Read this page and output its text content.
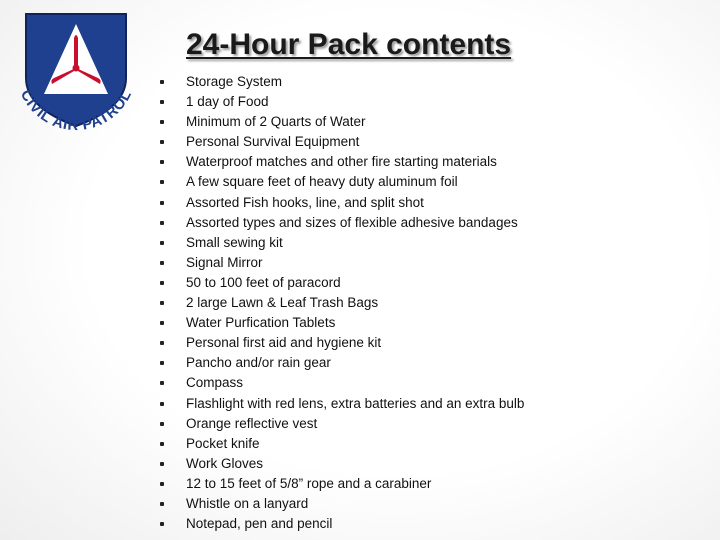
CIVIL AIR PATROL
24-Hour Pack contents
Storage System
1 day of Food
Minimum of 2 Quarts of Water
Personal Survival Equipment
Waterproof matches and other fire starting materials
A few square feet of heavy duty aluminum foil
Assorted Fish hooks, line, and split shot
Assorted types and sizes of flexible adhesive bandages
Small sewing kit
Signal Mirror
50 to 100 feet of paracord
2 large Lawn & Leaf Trash Bags
Water Purfication Tablets
Personal first aid and hygiene kit
Pancho and/or rain gear
Compass
Flashlight with red lens, extra batteries and an extra bulb
Orange reflective vest
Pocket knife
Work Gloves
12 to 15 feet of 5/8” rope and a carabiner
Whistle on a lanyard
Notepad, pen and pencil
